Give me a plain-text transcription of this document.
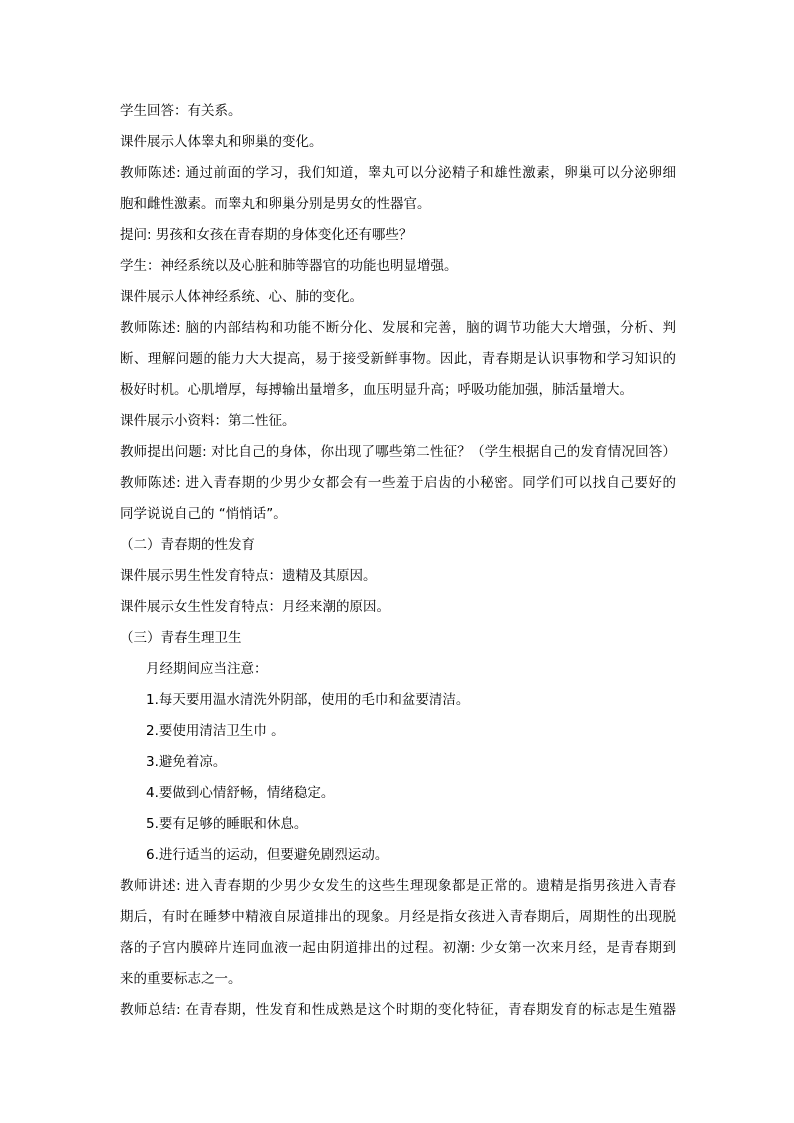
学生回答：有关系。
课件展示人体睾丸和卵巢的变化。
教师陈述: 通过前面的学习，我们知道，睾丸可以分泌精子和雄性激素，卵巢可以分泌卵细
胞和雌性激素。而睾丸和卵巢分别是男女的性器官。
提问: 男孩和女孩在青春期的身体变化还有哪些？
学生：神经系统以及心脏和肺等器官的功能也明显增强。
课件展示人体神经系统、心、肺的变化。
教师陈述: 脑的内部结构和功能不断分化、发展和完善，脑的调节功能大大增强，分析、判
断、理解问题的能力大大提高，易于接受新鲜事物。因此，青春期是认识事物和学习知识的
极好时机。心肌增厚，每搏输出量增多，血压明显升高；呼吸功能加强，肺活量增大。
课件展示小资料：第二性征。
教师提出问题: 对比自己的身体，你出现了哪些第二性征？（学生根据自己的发育情况回答）
教师陈述: 进入青春期的少男少女都会有一些羞于启齿的小秘密。同学们可以找自己要好的
同学说说自己的 “悄悄话”。
（二）青春期的性发育
课件展示男生性发育特点：遗精及其原因。
课件展示女生性发育特点：月经来潮的原因。
（三）青春生理卫生
月经期间应当注意：
1.每天要用温水清洗外阴部，使用的毛巾和盆要清洁。
2.要使用清洁卫生巾 。
3.避免着凉。
4.要做到心情舒畅，情绪稳定。
5.要有足够的睡眠和休息。
6.进行适当的运动，但要避免剧烈运动。
教师讲述: 进入青春期的少男少女发生的这些生理现象都是正常的。遗精是指男孩进入青春
期后，有时在睡梦中精液自尿道排出的现象。月经是指女孩进入青春期后，周期性的出现脱
落的子宫内膜碎片连同血液一起由阴道排出的过程。初潮: 少女第一次来月经，是青春期到
来的重要标志之一。
教师总结: 在青春期，性发育和性成熟是这个时期的变化特征，青春期发育的标志是生殖器
